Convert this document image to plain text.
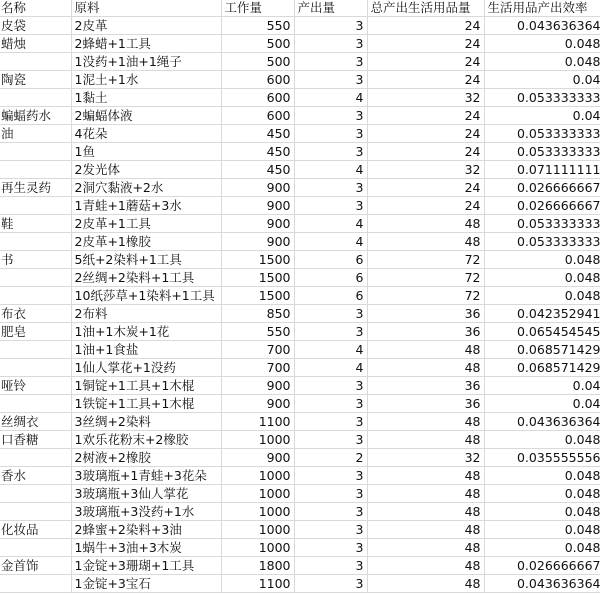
名称	原料	工作量	产出量	总产出生活用品量	生活用品产出效率
皮袋	2皮革	550	3	24	0.043636364
蜡烛	2蜂蜡+1工具	500	3	24	0.048
	1没药+1油+1绳子	500	3	24	0.048
陶瓷	1泥土+1水	600	3	24	0.04
	1黏土	600	4	32	0.053333333
蝙蝠药水	2蝙蝠体液	600	3	24	0.04
油	4花朵	450	3	24	0.053333333
	1鱼	450	3	24	0.053333333
	2发光体	450	4	32	0.071111111
再生灵药	2洞穴黏液+2水	900	3	24	0.026666667
	1青蛙+1蘑菇+3水	900	3	24	0.026666667
鞋	2皮革+1工具	900	4	48	0.053333333
	2皮革+1橡胶	900	4	48	0.053333333
书	5纸+2染料+1工具	1500	6	72	0.048
	2丝绸+2染料+1工具	1500	6	72	0.048
	10纸莎草+1染料+1工具	1500	6	72	0.048
布衣	2布料	850	3	36	0.042352941
肥皂	1油+1木炭+1花	550	3	36	0.065454545
	1油+1食盐	700	4	48	0.068571429
	1仙人掌花+1没药	700	4	48	0.068571429
哑铃	1铜锭+1工具+1木棍	900	3	36	0.04
	1铁锭+1工具+1木棍	900	3	36	0.04
丝绸衣	3丝绸+2染料	1100	3	48	0.043636364
口香糖	1欢乐花粉末+2橡胶	1000	3	48	0.048
	2树液+2橡胶	900	2	32	0.035555556
香水	3玻璃瓶+1青蛙+3花朵	1000	3	48	0.048
	3玻璃瓶+3仙人掌花	1000	3	48	0.048
	3玻璃瓶+3没药+1水	1000	3	48	0.048
化妆品	2蜂蜜+2染料+3油	1000	3	48	0.048
	1蜗牛+3油+3木炭	1000	3	48	0.048
金首饰	1金锭+3珊瑚+1工具	1800	3	48	0.026666667
	1金锭+3宝石	1100	3	48	0.043636364
